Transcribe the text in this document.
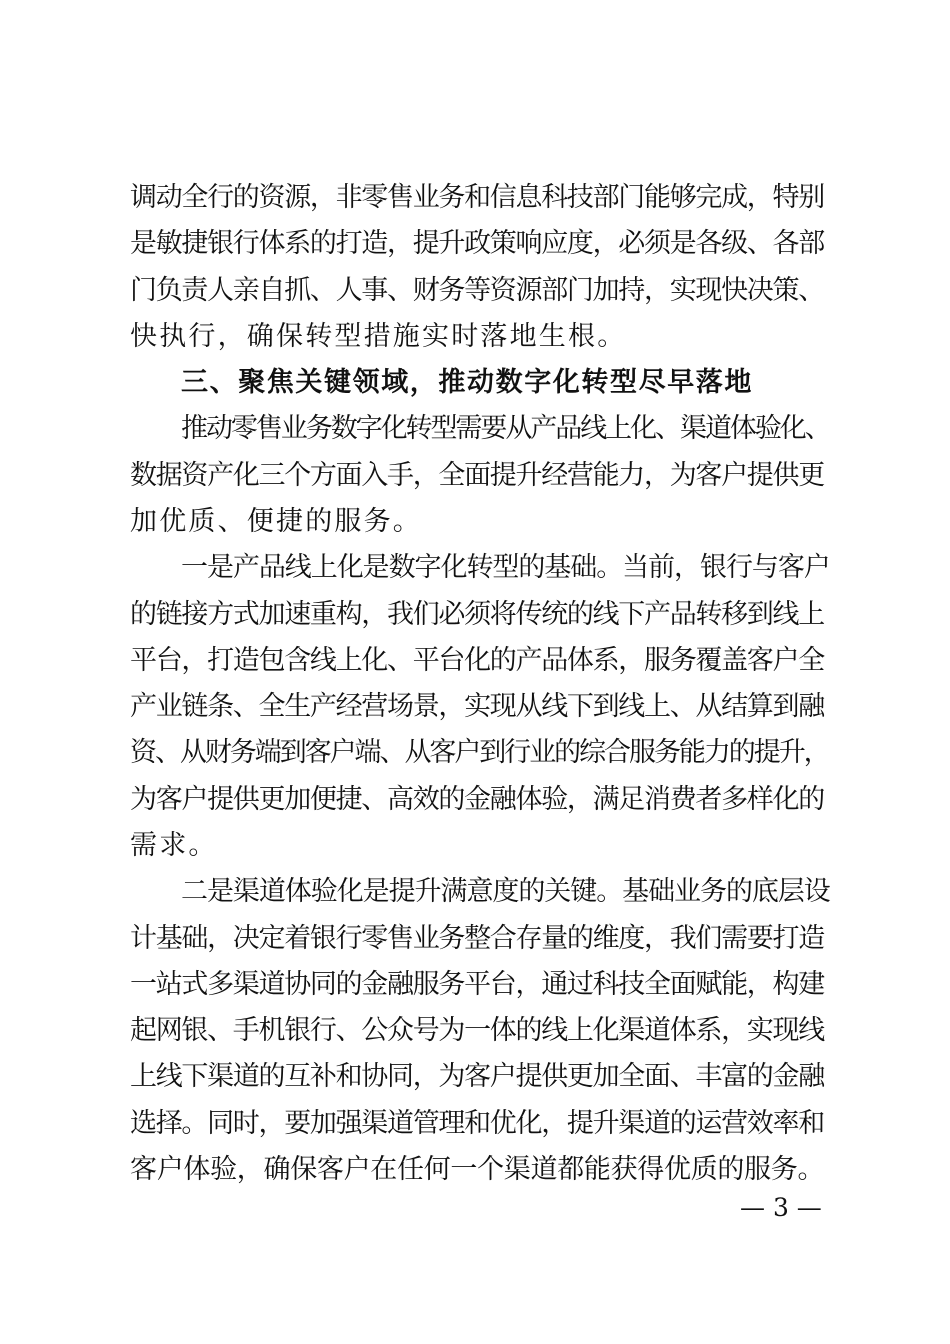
调动全行的资源，非零售业务和信息科技部门能够完成，特别
是敏捷银行体系的打造，提升政策响应度，必须是各级、各部
门负责人亲自抓、人事、财务等资源部门加持，实现快决策、
快执行，确保转型措施实时落地生根。
三、聚焦关键领域，推动数字化转型尽早落地
推动零售业务数字化转型需要从产品线上化、渠道体验化、
数据资产化三个方面入手，全面提升经营能力，为客户提供更
加优质、便捷的服务。
一是产品线上化是数字化转型的基础。当前，银行与客户
的链接方式加速重构，我们必须将传统的线下产品转移到线上
平台，打造包含线上化、平台化的产品体系，服务覆盖客户全
产业链条、全生产经营场景，实现从线下到线上、从结算到融
资、从财务端到客户端、从客户到行业的综合服务能力的提升，
为客户提供更加便捷、高效的金融体验，满足消费者多样化的
需求。
二是渠道体验化是提升满意度的关键。基础业务的底层设
计基础，决定着银行零售业务整合存量的维度，我们需要打造
一站式多渠道协同的金融服务平台，通过科技全面赋能，构建
起网银、手机银行、公众号为一体的线上化渠道体系，实现线
上线下渠道的互补和协同，为客户提供更加全面、丰富的金融
选择。同时，要加强渠道管理和优化，提升渠道的运营效率和
客户体验，确保客户在任何一个渠道都能获得优质的服务。
— 3 —
